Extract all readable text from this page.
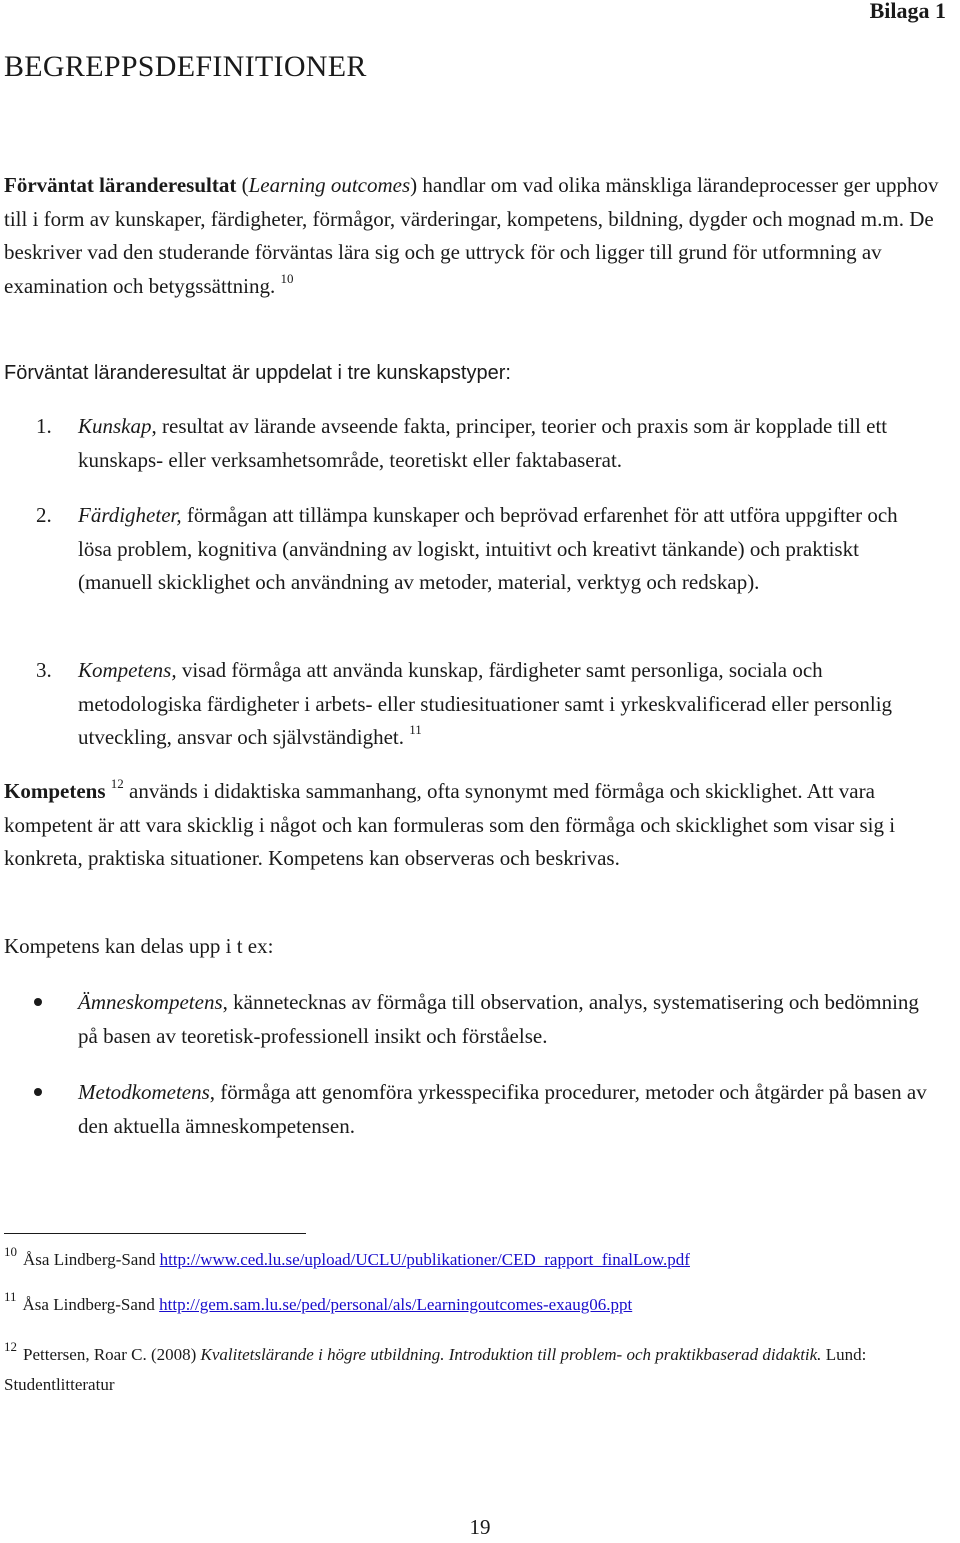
Bilaga 1
BEGREPPSDEFINITIONER
Förväntat läranderesultat (Learning outcomes) handlar om vad olika mänskliga lärandeprocesser ger upphov till i form av kunskaper, färdigheter, förmågor, värderingar, kompetens, bildning, dygder och mognad m.m. De beskriver vad den studerande förväntas lära sig och ge uttryck för och ligger till grund för utformning av examination och betygssättning. $^{10}$
Förväntat läranderesultat är uppdelat i tre kunskapstyper:
1. Kunskap, resultat av lärande avseende fakta, principer, teorier och praxis som är kopplade till ett kunskaps- eller verksamhetsområde, teoretiskt eller faktabaserat.
2. Färdigheter, förmågan att tillämpa kunskaper och beprövad erfarenhet för att utföra uppgifter och lösa problem, kognitiva (användning av logiskt, intuitivt och kreativt tänkande) och praktiskt (manuell skicklighet och användning av metoder, material, verktyg och redskap).
3. Kompetens, visad förmåga att använda kunskap, färdigheter samt personliga, sociala och metodologiska färdigheter i arbets- eller studiesituationer samt i yrkeskvalificerad eller personlig utveckling, ansvar och självständighet. $^{11}$
Kompetens $^{12}$ används i didaktiska sammanhang, ofta synonymt med förmåga och skicklighet. Att vara kompetent är att vara skicklig i något och kan formuleras som den förmåga och skicklighet som visar sig i konkreta, praktiska situationer. Kompetens kan observeras och beskrivas.
Kompetens kan delas upp i t ex:
Ämneskompetens, kännetecknas av förmåga till observation, analys, systematisering och bedömning på basen av teoretisk-professionell insikt och förståelse.
Metodkometens, förmåga att genomföra yrkesspecifika procedurer, metoder och åtgärder på basen av den aktuella ämneskompetensen.
$^{10}$ Åsa Lindberg-Sand http://www.ced.lu.se/upload/UCLU/publikationer/CED_rapport_finalLow.pdf
$^{11}$ Åsa Lindberg-Sand http://gem.sam.lu.se/ped/personal/als/Learningoutcomes-exaug06.ppt
$^{12}$ Pettersen, Roar C. (2008) Kvalitetslärande i högre utbildning. Introduktion till problem- och praktikbaserad didaktik. Lund: Studentlitteratur
19
